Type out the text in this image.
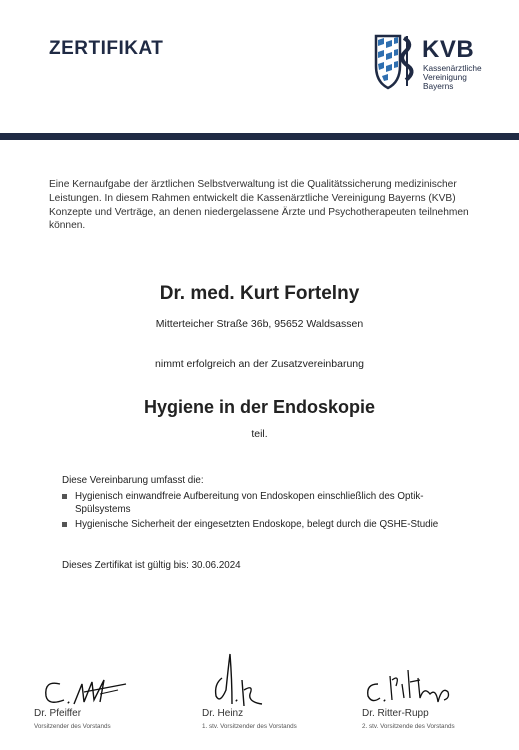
ZERTIFIKAT	KVB
Kassenärztliche
Vereinigung
Bayerns
Eine Kernaufgabe der ärztlichen Selbstverwaltung ist die Qualitätssicherung medizinischer Leistungen. In diesem Rahmen entwickelt die Kassenärztliche Vereinigung Bayerns (KVB) Konzepte und Verträge, an denen niedergelassene Ärzte und Psychotherapeuten teilnehmen können.
Dr. med. Kurt Fortelny
Mitterteicher Straße 36b, 95652 Waldsassen
nimmt erfolgreich an der Zusatzvereinbarung
Hygiene in der Endoskopie
teil.
Diese Vereinbarung umfasst die:
Hygienisch einwandfreie Aufbereitung von Endoskopen einschließlich des Optik-Spülsystems
Hygienische Sicherheit der eingesetzten Endoskope, belegt durch die QSHE-Studie
Dieses Zertifikat ist gültig bis: 30.06.2024
Dr. Pfeiffer
Vorsitzender des Vorstands
Dr. Heinz
1. stv. Vorsitzender des Vorstands
Dr. Ritter-Rupp
2. stv. Vorsitzende des Vorstands
